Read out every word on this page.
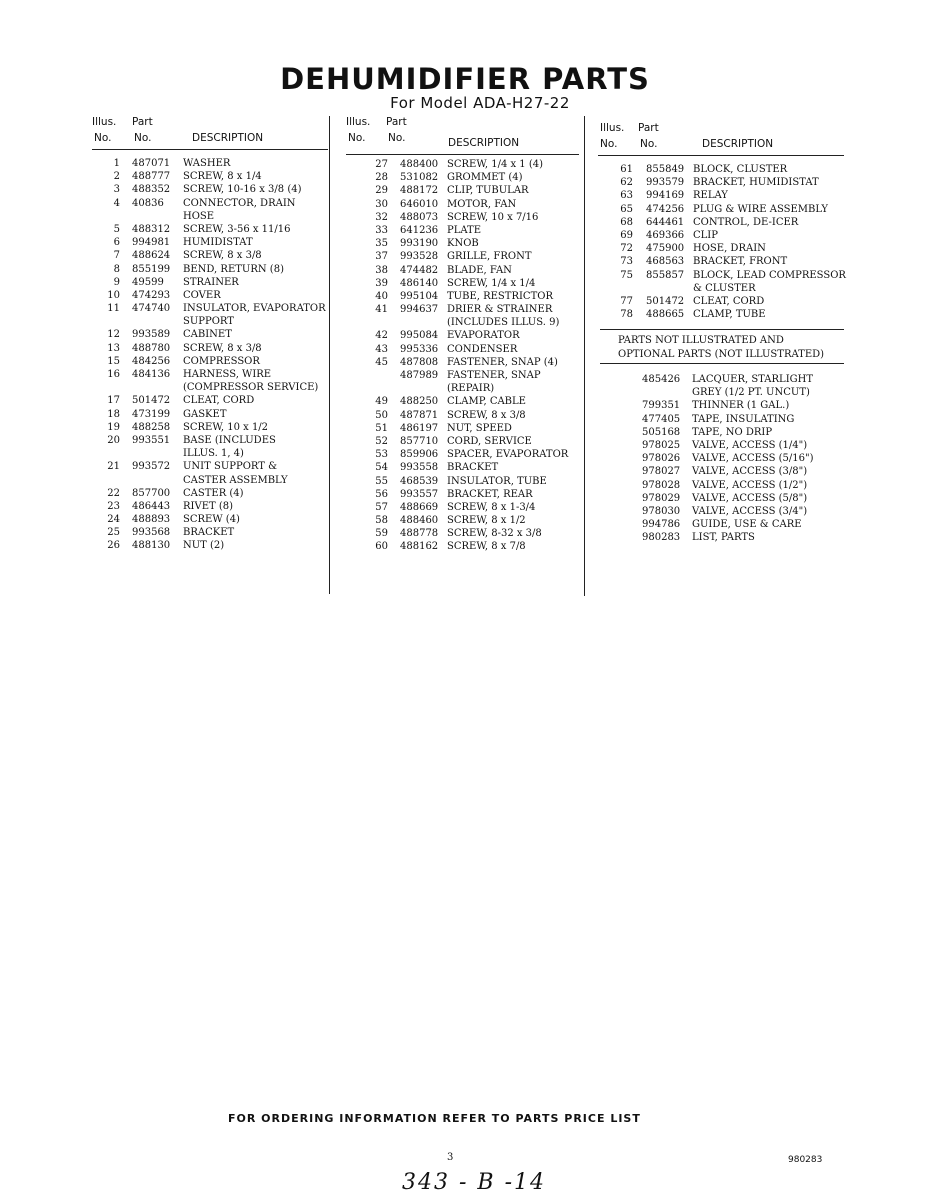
DEHUMIDIFIER PARTS
For Model ADA-H27-22
Illus. Part
No. No.	DESCRIPTION
1 487071 WASHER
2 488777 SCREW, 8 x 1/4
3 488352 SCREW, 10-16 x 3/8 (4)
4 40836 CONNECTOR, DRAIN
HOSE
5 488312 SCREW, 3-56 x 11/16
6 994981 HUMIDISTAT
7 488624 SCREW, 8 x 3/8
8 855199 BEND, RETURN (8)
9 49599 STRAINER
10 474293 COVER
11 474740 INSULATOR, EVAPORATOR
SUPPORT
12 993589 CABINET
13 488780 SCREW, 8 x 3/8
15 484256 COMPRESSOR
16 484136 HARNESS, WIRE
(COMPRESSOR SERVICE)
17 501472 CLEAT, CORD
18 473199 GASKET
19 488258 SCREW, 10 x 1/2
20 993551 BASE (INCLUDES
ILLUS. 1, 4)
21 993572 UNIT SUPPORT &
CASTER ASSEMBLY
22 857700 CASTER (4)
23 486443 RIVET (8)
24 488893 SCREW (4)
25 993568 BRACKET
26 488130 NUT (2)
Illus. Part
No. No.	DESCRIPTION
27 488400 SCREW, 1/4 x 1 (4)
28 531082 GROMMET (4)
29 488172 CLIP, TUBULAR
30 646010 MOTOR, FAN
32 488073 SCREW, 10 x 7/16
33 641236 PLATE
35 993190 KNOB
37 993528 GRILLE, FRONT
38 474482 BLADE, FAN
39 486140 SCREW, 1/4 x 1/4
40 995104 TUBE, RESTRICTOR
41 994637 DRIER & STRAINER
(INCLUDES ILLUS. 9)
42 995084 EVAPORATOR
43 995336 CONDENSER
45 487808 FASTENER, SNAP (4)
487989 FASTENER, SNAP
(REPAIR)
49 488250 CLAMP, CABLE
50 487871 SCREW, 8 x 3/8
51 486197 NUT, SPEED
52 857710 CORD, SERVICE
53 859906 SPACER, EVAPORATOR
54 993558 BRACKET
55 468539 INSULATOR, TUBE
56 993557 BRACKET, REAR
57 488669 SCREW, 8 x 1-3/4
58 488460 SCREW, 8 x 1/2
59 488778 SCREW, 8-32 x 3/8
60 488162 SCREW, 8 x 7/8
Illus. Part
No. No.	DESCRIPTION
61 855849 BLOCK, CLUSTER
62 993579 BRACKET, HUMIDISTAT
63 994169 RELAY
65 474256 PLUG & WIRE ASSEMBLY
68 644461 CONTROL, DE-ICER
69 469366 CLIP
72 475900 HOSE, DRAIN
73 468563 BRACKET, FRONT
75 855857 BLOCK, LEAD COMPRESSOR
& CLUSTER
77 501472 CLEAT, CORD
78 488665 CLAMP, TUBE
PARTS NOT ILLUSTRATED AND
OPTIONAL PARTS (NOT ILLUSTRATED)
485426 LACQUER, STARLIGHT
GREY (1/2 PT. UNCUT)
799351 THINNER (1 GAL.)
477405 TAPE, INSULATING
505168 TAPE, NO DRIP
978025 VALVE, ACCESS (1/4")
978026 VALVE, ACCESS (5/16")
978027 VALVE, ACCESS (3/8")
978028 VALVE, ACCESS (1/2")
978029 VALVE, ACCESS (5/8")
978030 VALVE, ACCESS (3/4")
994786 GUIDE, USE & CARE
980283 LIST, PARTS
FOR ORDERING INFORMATION REFER TO PARTS PRICE LIST
3	980283
343 - B -14
